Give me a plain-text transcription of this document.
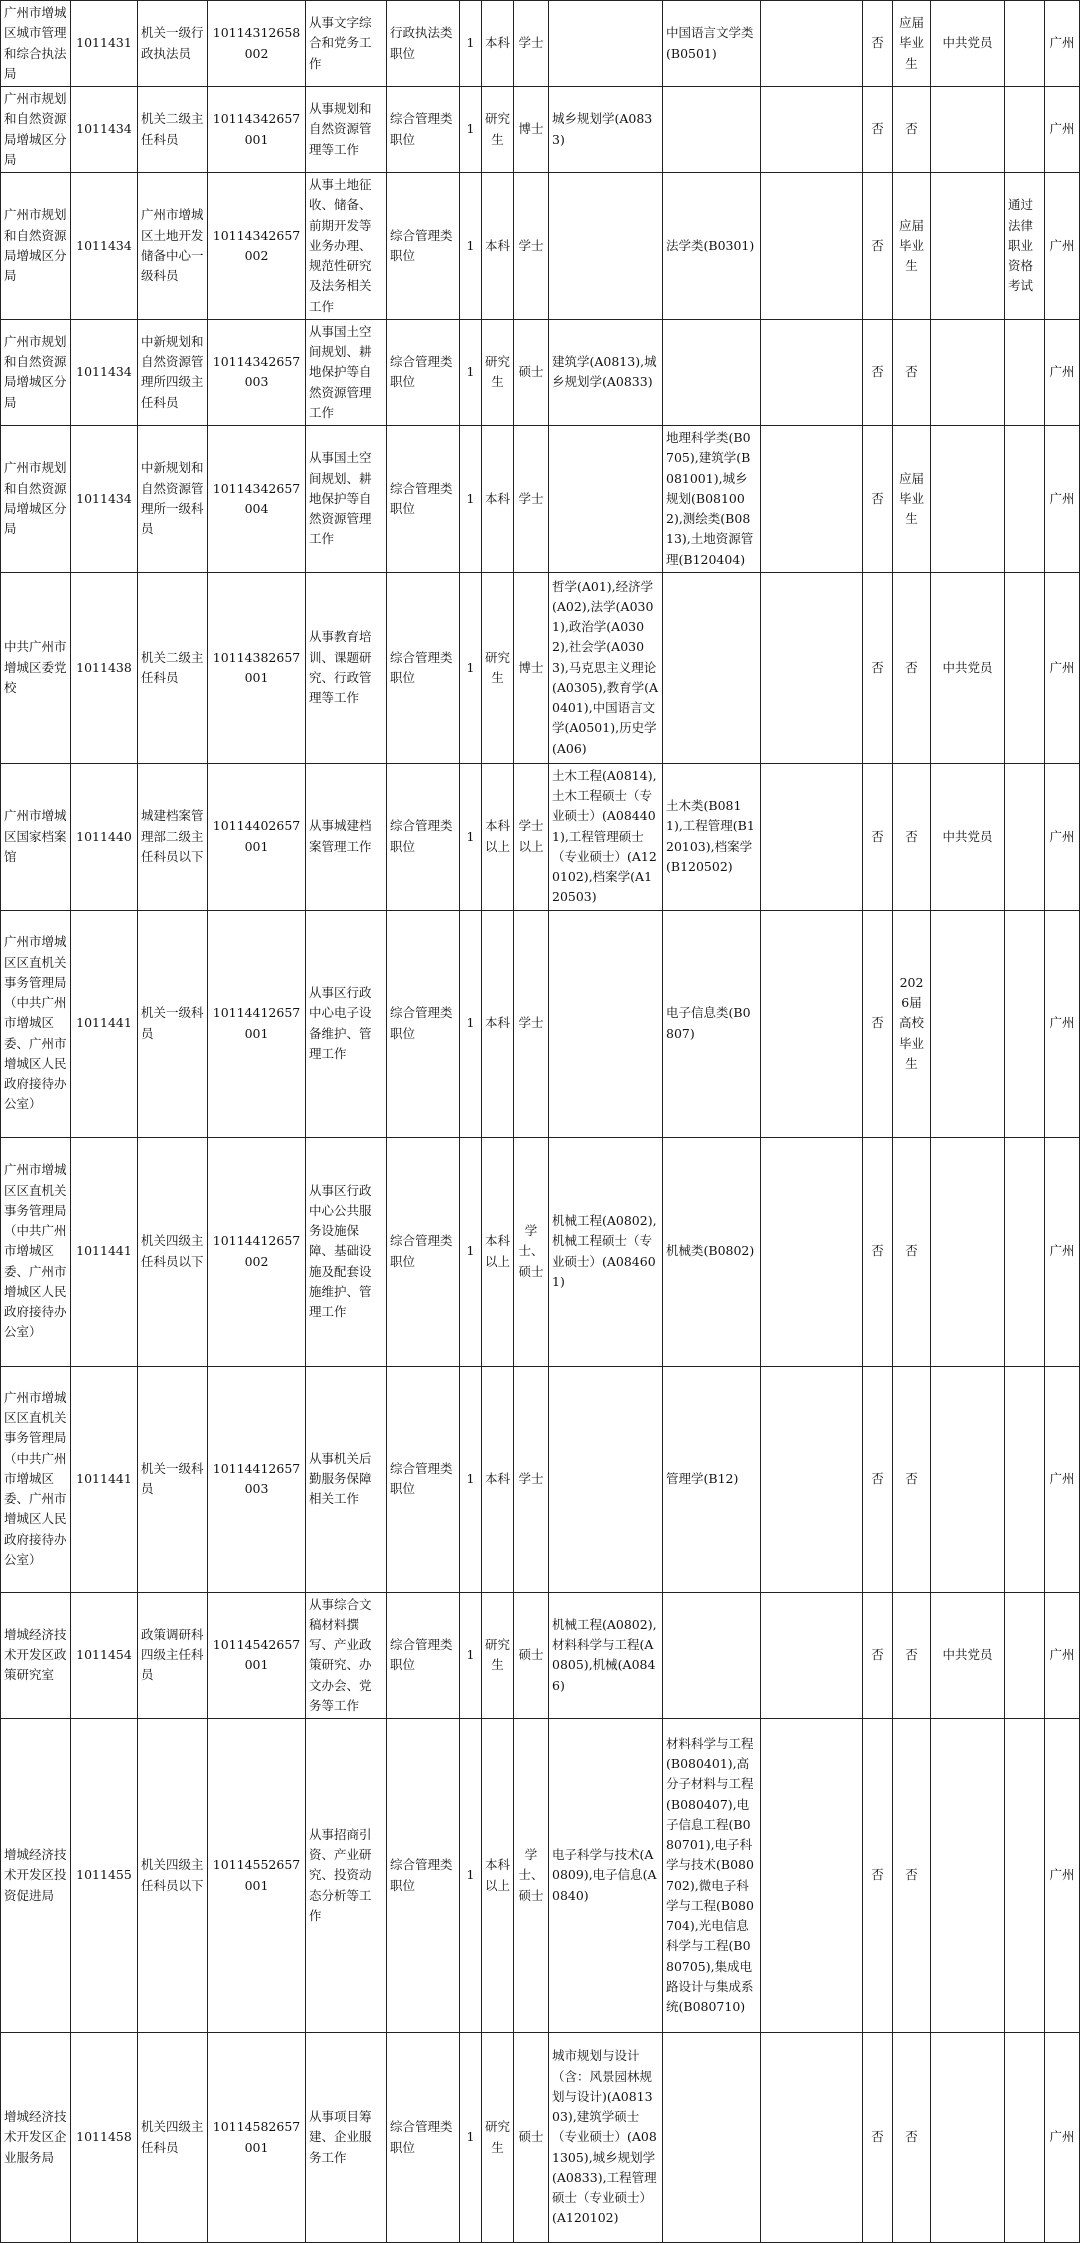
广州市增城区城市管理和综合执法局	1011431	机关一级行政执法员	10114312658002	从事文字综合和党务工作	行政执法类职位	1	本科	学士		中国语言文学类(B0501)		否	应届毕业生	中共党员		广州
广州市规划和自然资源局增城区分局	1011434	机关二级主任科员	10114342657001	从事规划和自然资源管理等工作	综合管理类职位	1	研究生	博士	城乡规划学(A0833)			否	否			广州
广州市规划和自然资源局增城区分局	1011434	广州市增城区土地开发储备中心一级科员	10114342657002	从事土地征收、储备、前期开发等业务办理、规范性研究及法务相关工作	综合管理类职位	1	本科	学士		法学类(B0301)		否	应届毕业生		通过法律职业资格考试	广州
广州市规划和自然资源局增城区分局	1011434	中新规划和自然资源管理所四级主任科员	10114342657003	从事国土空间规划、耕地保护等自然资源管理工作	综合管理类职位	1	研究生	硕士	建筑学(A0813),城乡规划学(A0833)			否	否			广州
广州市规划和自然资源局增城区分局	1011434	中新规划和自然资源管理所一级科员	10114342657004	从事国土空间规划、耕地保护等自然资源管理工作	综合管理类职位	1	本科	学士		地理科学类(B0705),建筑学(B081001),城乡规划(B081002),测绘类(B0813),土地资源管理(B120404)		否	应届毕业生			广州
中共广州市增城区委党校	1011438	机关二级主任科员	10114382657001	从事教育培训、课题研究、行政管理等工作	综合管理类职位	1	研究生	博士	哲学(A01),经济学(A02),法学(A0301),政治学(A0302),社会学(A0303),马克思主义理论(A0305),教育学(A0401),中国语言文学(A0501),历史学(A06)			否	否	中共党员		广州
广州市增城区国家档案馆	1011440	城建档案管理部二级主任科员以下	10114402657001	从事城建档案管理工作	综合管理类职位	1	本科以上	学士以上	土木工程(A0814),土木工程硕士（专业硕士）(A084401),工程管理硕士（专业硕士）(A120102),档案学(A120503)	土木类(B0811),工程管理(B120103),档案学(B120502)		否	否	中共党员		广州
广州市增城区区直机关事务管理局（中共广州市增城区委、广州市增城区人民政府接待办公室）	1011441	机关一级科员	10114412657001	从事区行政中心电子设备维护、管理工作	综合管理类职位	1	本科	学士		电子信息类(B0807)		否	2026届高校毕业生			广州
广州市增城区区直机关事务管理局（中共广州市增城区委、广州市增城区人民政府接待办公室）	1011441	机关四级主任科员以下	10114412657002	从事区行政中心公共服务设施保障、基础设施及配套设施维护、管理工作	综合管理类职位	1	本科以上	学士、硕士	机械工程(A0802),机械工程硕士（专业硕士）(A084601)	机械类(B0802)		否	否			广州
广州市增城区区直机关事务管理局（中共广州市增城区委、广州市增城区人民政府接待办公室）	1011441	机关一级科员	10114412657003	从事机关后勤服务保障相关工作	综合管理类职位	1	本科	学士		管理学(B12)		否	否			广州
增城经济技术开发区政策研究室	1011454	政策调研科四级主任科员	10114542657001	从事综合文稿材料撰写、产业政策研究、办文办会、党务等工作	综合管理类职位	1	研究生	硕士	机械工程(A0802),材料科学与工程(A0805),机械(A0846)			否	否	中共党员		广州
增城经济技术开发区投资促进局	1011455	机关四级主任科员以下	10114552657001	从事招商引资、产业研究、投资动态分析等工作	综合管理类职位	1	本科以上	学士、硕士	电子科学与技术(A0809),电子信息(A0840)	材料科学与工程(B080401),高分子材料与工程(B080407),电子信息工程(B080701),电子科学与技术(B080702),微电子科学与工程(B080704),光电信息科学与工程(B080705),集成电路设计与集成系统(B080710)		否	否			广州
增城经济技术开发区企业服务局	1011458	机关四级主任科员	10114582657001	从事项目筹建、企业服务工作	综合管理类职位	1	研究生	硕士	城市规划与设计（含：风景园林规划与设计)(A081303),建筑学硕士（专业硕士）(A081305),城乡规划学(A0833),工程管理硕士（专业硕士）(A120102)			否	否			广州
